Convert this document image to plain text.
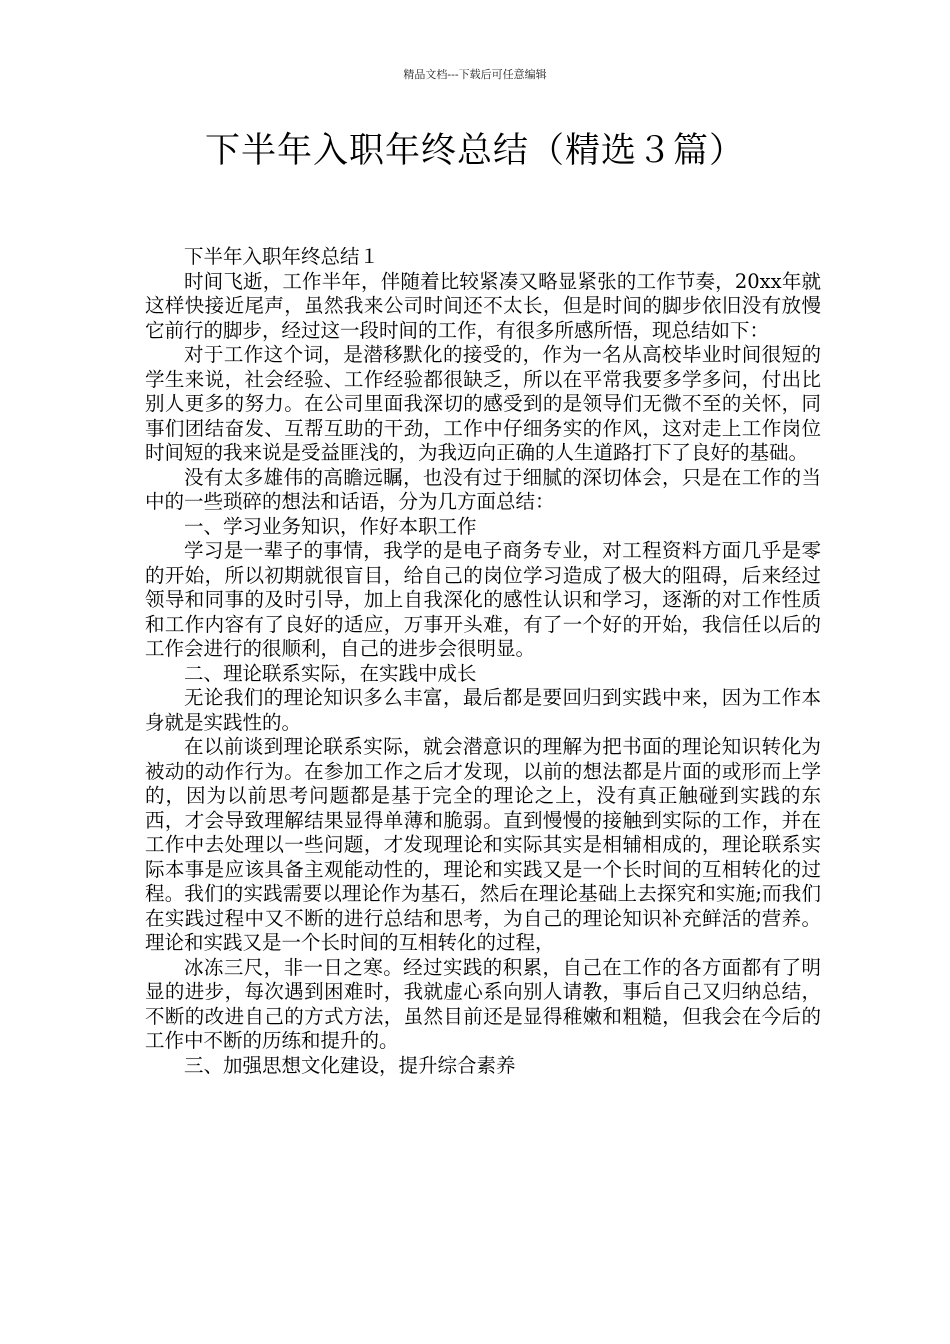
精品文档---下载后可任意编辑
下半年入职年终总结（精选３篇）

下半年入职年终总结１

时间飞逝，工作半年，伴随着比较紧凑又略显紧张的工作节奏，20xx年就这样快接近尾声，虽然我来公司时间还不太长，但是时间的脚步依旧没有放慢它前行的脚步，经过这一段时间的工作，有很多所感所悟，现总结如下：

对于工作这个词，是潜移默化的接受的，作为一名从高校毕业时间很短的学生来说，社会经验、工作经验都很缺乏，所以在平常我要多学多问，付出比别人更多的努力。在公司里面我深切的感受到的是领导们无微不至的关怀，同事们团结奋发、互帮互助的干劲，工作中仔细务实的作风，这对走上工作岗位时间短的我来说是受益匪浅的，为我迈向正确的人生道路打下了良好的基础。

没有太多雄伟的高瞻远瞩，也没有过于细腻的深切体会，只是在工作的当中的一些琐碎的想法和话语，分为几方面总结：

一、学习业务知识，作好本职工作

学习是一辈子的事情，我学的是电子商务专业，对工程资料方面几乎是零的开始，所以初期就很盲目，给自己的岗位学习造成了极大的阻碍，后来经过领导和同事的及时引导，加上自我深化的感性认识和学习，逐渐的对工作性质和工作内容有了良好的适应，万事开头难，有了一个好的开始，我信任以后的工作会进行的很顺利，自己的进步会很明显。

二、理论联系实际，在实践中成长

无论我们的理论知识多么丰富，最后都是要回归到实践中来，因为工作本身就是实践性的。

在以前谈到理论联系实际，就会潜意识的理解为把书面的理论知识转化为被动的动作行为。在参加工作之后才发现，以前的想法都是片面的或形而上学的，因为以前思考问题都是基于完全的理论之上，没有真正触碰到实践的东西，才会导致理解结果显得单薄和脆弱。直到慢慢的接触到实际的工作，并在工作中去处理以一些问题，才发现理论和实际其实是相辅相成的，理论联系实际本事是应该具备主观能动性的，理论和实践又是一个长时间的互相转化的过程。我们的实践需要以理论作为基石，然后在理论基础上去探究和实施;而我们在实践过程中又不断的进行总结和思考，为自己的理论知识补充鲜活的营养。理论和实践又是一个长时间的互相转化的过程，

冰冻三尺，非一日之寒。经过实践的积累，自己在工作的各方面都有了明显的进步，每次遇到困难时，我就虚心系向别人请教，事后自己又归纳总结，不断的改进自己的方式方法，虽然目前还是显得稚嫩和粗糙，但我会在今后的工作中不断的历练和提升的。

三、加强思想文化建设，提升综合素养
